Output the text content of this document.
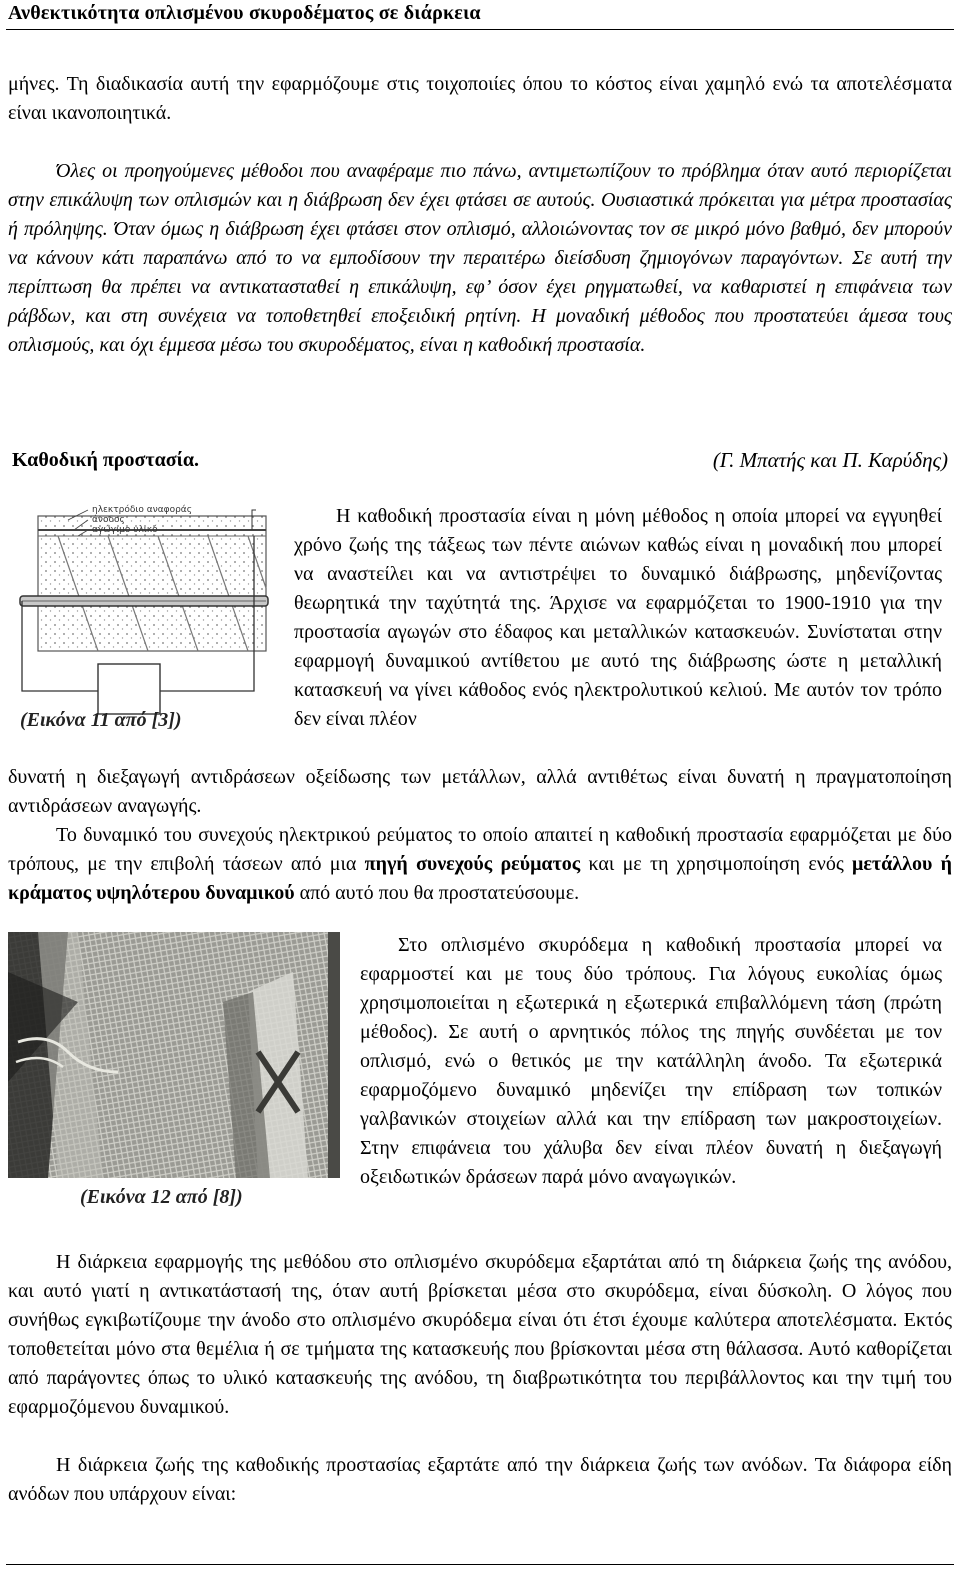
Ανθεκτικότητα οπλισμένου σκυροδέματος σε διάρκεια
μήνες. Τη διαδικασία αυτή την εφαρμόζουμε στις τοιχοποιίες όπου το κόστος είναι χαμηλό ενώ τα αποτελέσματα είναι ικανοποιητικά.
Όλες οι προηγούμενες μέθοδοι που αναφέραμε πιο πάνω, αντιμετωπίζουν το πρόβλημα όταν αυτό περιορίζεται στην επικάλυψη των οπλισμών και η διάβρωση δεν έχει φτάσει σε αυτούς. Ουσιαστικά πρόκειται για μέτρα προστασίας ή πρόληψης. Όταν όμως η διάβρωση έχει φτάσει στον οπλισμό, αλλοιώνοντας τον σε μικρό μόνο βαθμό, δεν μπορούν να κάνουν κάτι παραπάνω από το να εμποδίσουν την περαιτέρω διείσδυση ζημιογόνων παραγόντων. Σε αυτή την περίπτωση θα πρέπει να αντικατασταθεί η επικάλυψη, εφ’ όσον έχει ρηγματωθεί, να καθαριστεί η επιφάνεια των ράβδων, και στη συνέχεια να τοποθετηθεί εποξειδική ρητίνη. Η μοναδική μέθοδος που προστατεύει άμεσα τους οπλισμούς, και όχι έμμεσα μέσω του σκυροδέματος, είναι η καθοδική προστασία.
Καθοδική προστασία.	(Γ. Μπατής και Π. Καρύδης)
ηλεκτρόδιο αναφοράς
άνοδος
αγώγιμο υλικό
(Εικόνα 11 από [3])
Η καθοδική προστασία είναι η μόνη μέθοδος η οποία μπορεί να εγγυηθεί χρόνο ζωής της τάξεως των πέντε αιώνων καθώς είναι η μοναδική που μπορεί να αναστείλει και να αντιστρέψει το δυναμικό διάβρωσης, μηδενίζοντας θεωρητικά την ταχύτητά της. Άρχισε να εφαρμόζεται το 1900-1910 για την προστασία αγωγών στο έδαφος και μεταλλικών κατασκευών. Συνίσταται στην εφαρμογή δυναμικού αντίθετου με αυτό της διάβρωσης ώστε η μεταλλική κατασκευή να γίνει κάθοδος ενός ηλεκτρολυτικού κελιού. Με αυτόν τον τρόπο δεν είναι πλέον
δυνατή η διεξαγωγή αντιδράσεων οξείδωσης των μετάλλων, αλλά αντιθέτως είναι δυνατή η πραγματοποίηση αντιδράσεων αναγωγής.
Το δυναμικό του συνεχούς ηλεκτρικού ρεύματος το οποίο απαιτεί η καθοδική προστασία εφαρμόζεται με δύο τρόπους, με την επιβολή τάσεων από μια πηγή συνεχούς ρεύματος και με τη χρησιμοποίηση ενός μετάλλου ή κράματος υψηλότερου δυναμικού από αυτό που θα προστατεύσουμε.
(Εικόνα 12 από [8])
Στο οπλισμένο σκυρόδεμα η καθοδική προστασία μπορεί να εφαρμοστεί και με τους δύο τρόπους. Για λόγους ευκολίας όμως χρησιμοποιείται η εξωτερικά η εξωτερικά επιβαλλόμενη τάση (πρώτη μέθοδος). Σε αυτή ο αρνητικός πόλος της πηγής συνδέεται με τον οπλισμό, ενώ ο θετικός με την κατάλληλη άνοδο. Τα εξωτερικά εφαρμοζόμενο δυναμικό μηδενίζει την επίδραση των τοπικών γαλβανικών στοιχείων αλλά και την επίδραση των μακροστοιχείων. Στην επιφάνεια του χάλυβα δεν είναι πλέον δυνατή η διεξαγωγή οξειδωτικών δράσεων παρά μόνο αναγωγικών.
Η διάρκεια εφαρμογής της μεθόδου στο οπλισμένο σκυρόδεμα εξαρτάται από τη διάρκεια ζωής της ανόδου, και αυτό γιατί η αντικατάστασή της, όταν αυτή βρίσκεται μέσα στο σκυρόδεμα, είναι δύσκολη. Ο λόγος που συνήθως εγκιβωτίζουμε την άνοδο στο οπλισμένο σκυρόδεμα είναι ότι έτσι έχουμε καλύτερα αποτελέσματα. Εκτός τοποθετείται μόνο στα θεμέλια ή σε τμήματα της κατασκευής που βρίσκονται μέσα στη θάλασσα. Αυτό καθορίζεται από παράγοντες όπως το υλικό κατασκευής της ανόδου, τη διαβρωτικότητα του περιβάλλοντος και την τιμή του εφαρμοζόμενου δυναμικού.
Η διάρκεια ζωής της καθοδικής προστασίας εξαρτάτε από την διάρκεια ζωής των ανόδων. Τα διάφορα είδη ανόδων που υπάρχουν είναι:
